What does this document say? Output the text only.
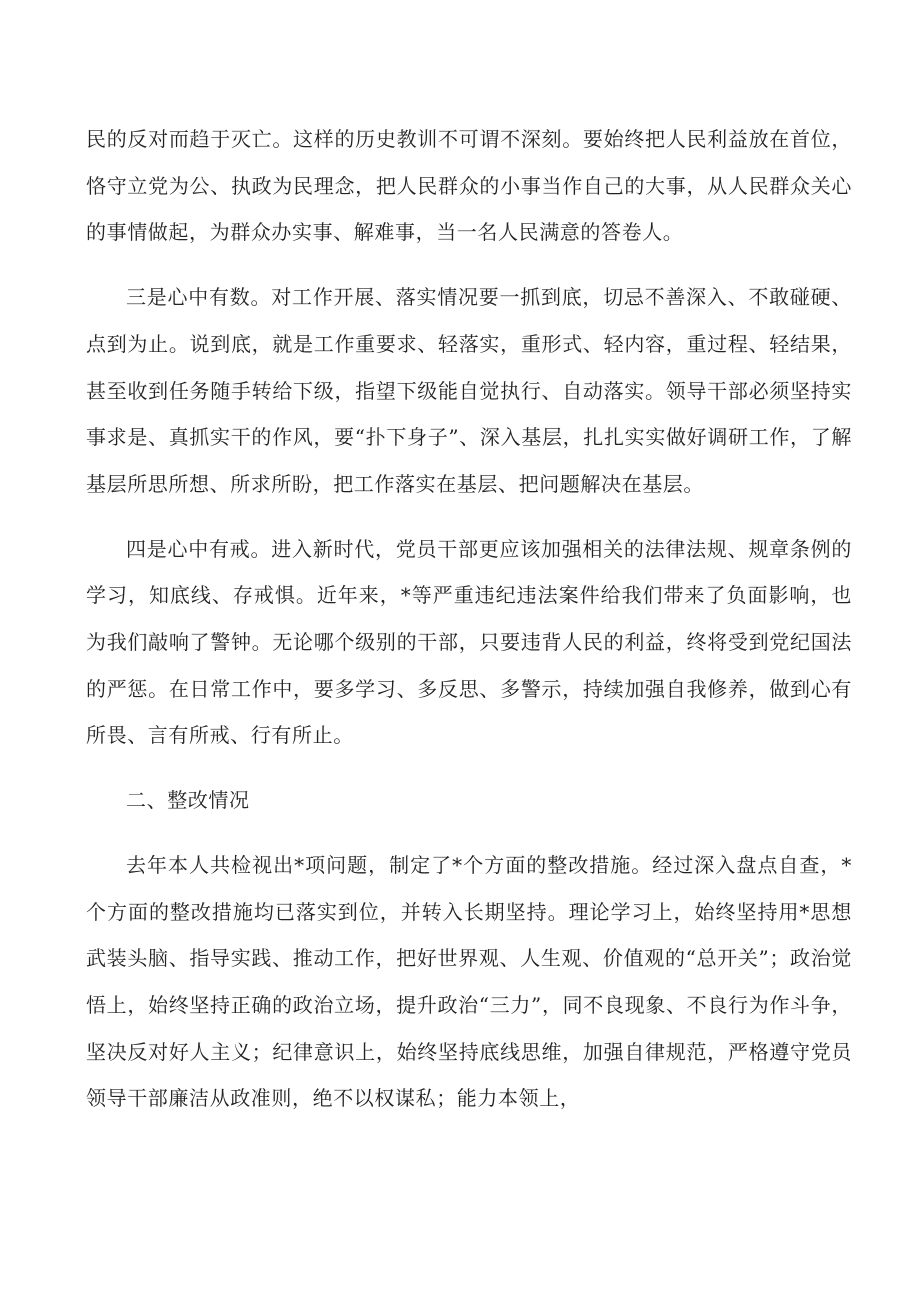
民的反对而趋于灭亡。这样的历史教训不可谓不深刻。要始终把人民利益放在首位，恪守立党为公、执政为民理念，把人民群众的小事当作自己的大事，从人民群众关心的事情做起，为群众办实事、解难事，当一名人民满意的答卷人。

三是心中有数。对工作开展、落实情况要一抓到底，切忌不善深入、不敢碰硬、点到为止。说到底，就是工作重要求、轻落实，重形式、轻内容，重过程、轻结果，甚至收到任务随手转给下级，指望下级能自觉执行、自动落实。领导干部必须坚持实事求是、真抓实干的作风，要“扑下身子”、深入基层，扎扎实实做好调研工作，了解基层所思所想、所求所盼，把工作落实在基层、把问题解决在基层。

四是心中有戒。进入新时代，党员干部更应该加强相关的法律法规、规章条例的学习，知底线、存戒惧。近年来，*等严重违纪违法案件给我们带来了负面影响，也为我们敲响了警钟。无论哪个级别的干部，只要违背人民的利益，终将受到党纪国法的严惩。在日常工作中，要多学习、多反思、多警示，持续加强自我修养，做到心有所畏、言有所戒、行有所止。

二、整改情况

去年本人共检视出*项问题，制定了*个方面的整改措施。经过深入盘点自查，*个方面的整改措施均已落实到位，并转入长期坚持。理论学习上，始终坚持用*思想武装头脑、指导实践、推动工作，把好世界观、人生观、价值观的“总开关”；政治觉悟上，始终坚持正确的政治立场，提升政治“三力”，同不良现象、不良行为作斗争，坚决反对好人主义；纪律意识上，始终坚持底线思维，加强自律规范，严格遵守党员领导干部廉洁从政准则，绝不以权谋私；能力本领上，
